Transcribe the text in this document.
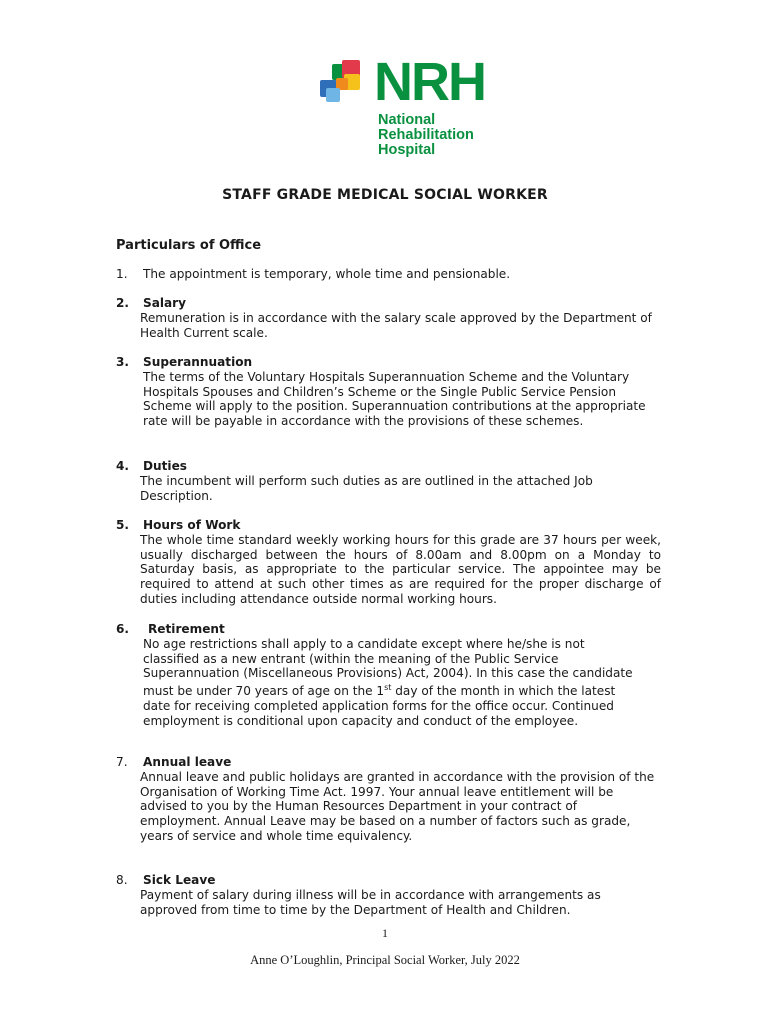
NRH
National
Rehabilitation
Hospital
STAFF GRADE MEDICAL SOCIAL WORKER
Particulars of Office
1. The appointment is temporary, whole time and pensionable.
2. Salary
Remuneration is in accordance with the salary scale approved by the Department of Health Current scale.
3. Superannuation
The terms of the Voluntary Hospitals Superannuation Scheme and the Voluntary Hospitals Spouses and Children’s Scheme or the Single Public Service Pension Scheme will apply to the position. Superannuation contributions at the appropriate rate will be payable in accordance with the provisions of these schemes.
4. Duties
The incumbent will perform such duties as are outlined in the attached Job Description.
5. Hours of Work
The whole time standard weekly working hours for this grade are 37 hours per week, usually discharged between the hours of 8.00am and 8.00pm on a Monday to Saturday basis, as appropriate to the particular service. The appointee may be required to attend at such other times as are required for the proper discharge of duties including attendance outside normal working hours.
6. Retirement
No age restrictions shall apply to a candidate except where he/she is not classified as a new entrant (within the meaning of the Public Service Superannuation (Miscellaneous Provisions) Act, 2004). In this case the candidate must be under 70 years of age on the 1st day of the month in which the latest date for receiving completed application forms for the office occur. Continued employment is conditional upon capacity and conduct of the employee.
7. Annual leave
Annual leave and public holidays are granted in accordance with the provision of the Organisation of Working Time Act. 1997. Your annual leave entitlement will be advised to you by the Human Resources Department in your contract of employment. Annual Leave may be based on a number of factors such as grade, years of service and whole time equivalency.
8. Sick Leave
Payment of salary during illness will be in accordance with arrangements as approved from time to time by the Department of Health and Children.
1
Anne O’Loughlin, Principal Social Worker, July 2022
